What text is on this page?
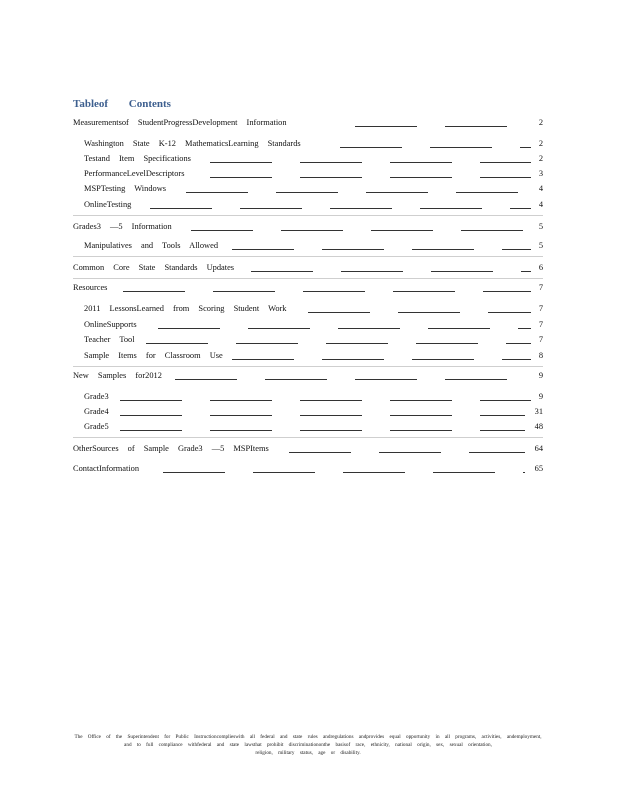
Tableof Contents
Measurementsof StudentProgressDevelopment Information	2
Washington State K-12 MathematicsLearning Standards	2
Testand Item Specifications	2
PerformanceLevelDescriptors	3
MSPTesting Windows	4
OnlineTesting	4
Grades3 —5 Information	5
Manipulatives and Tools Allowed	5
Common Core State Standards Updates	6
Resources	7
2011 LessonsLearned from Scoring Student Work	7
OnlineSupports	7
Teacher Tool	7
Sample Items for Classroom Use	8
New Samples for2012	9
Grade3	9
Grade4	31
Grade5	48
OtherSources of Sample Grade3 —5 MSPItems	64
ContactInformation	65
The Office of the Superintendent for Public Instructioncomplieswith all federal and state rules andregulations andprovides equal opportunity in all programs, activities, andemployment, and to full compliance withfederal and state lawsthat prohibit discriminationonthe basisof race, ethnicity, national origin, sex, sexual orientation,
religion, military status, age or disability.
